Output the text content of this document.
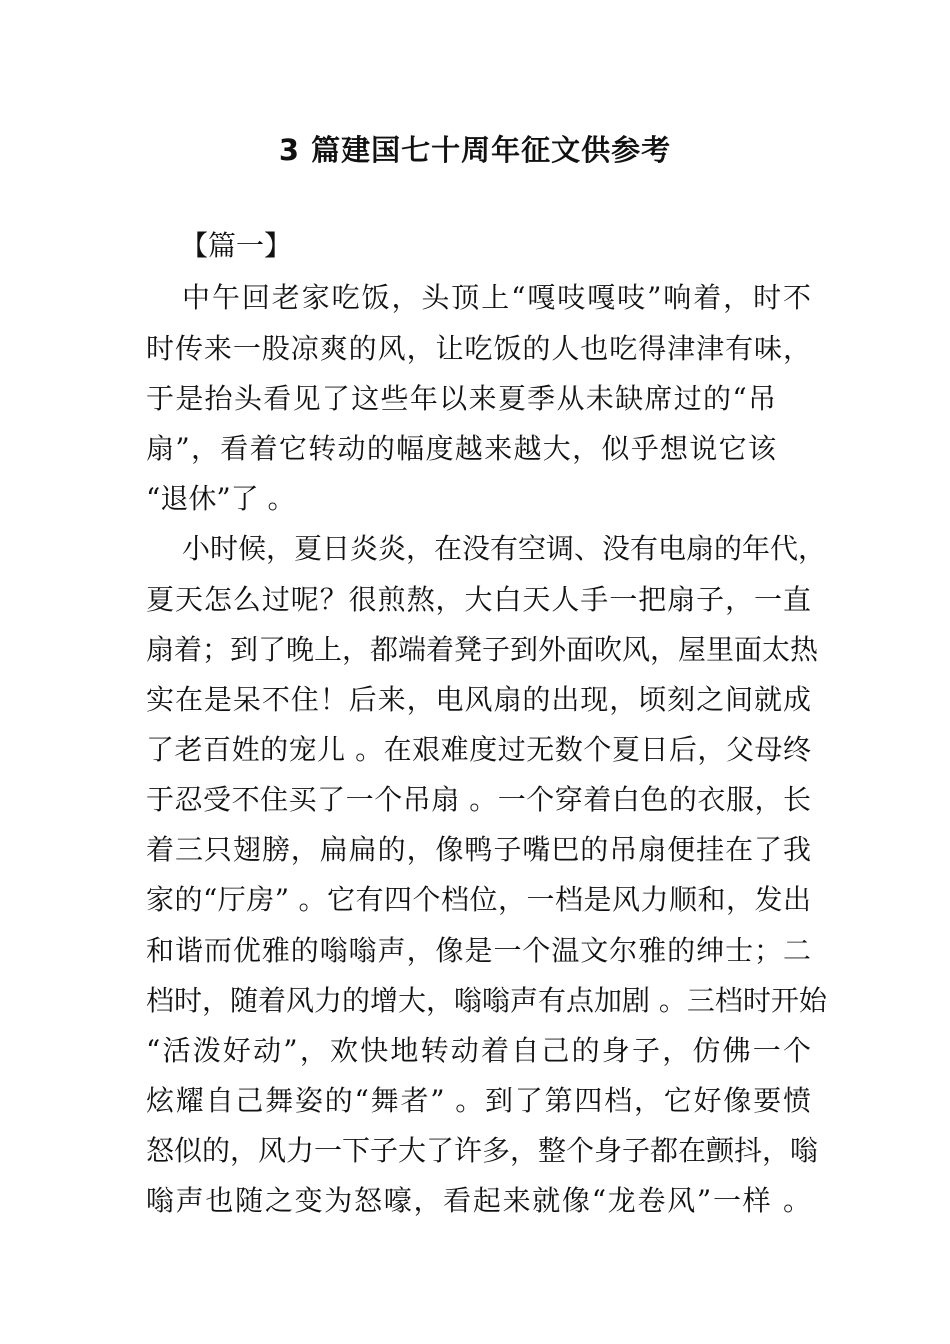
3 篇建国七十周年征文供参考
【篇一】
中午回老家吃饭，头顶上“嘎吱嘎吱”响着，时不
时传来一股凉爽的风，让吃饭的人也吃得津津有味，
于是抬头看见了这些年以来夏季从未缺席过的“吊
扇”，看着它转动的幅度越来越大，似乎想说它该
“退休”了 。
小时候，夏日炎炎，在没有空调、没有电扇的年代，
夏天怎么过呢？很煎熬，大白天人手一把扇子，一直
扇着；到了晚上，都端着凳子到外面吹风，屋里面太热
实在是呆不住！后来，电风扇的出现，顷刻之间就成
了老百姓的宠儿 。在艰难度过无数个夏日后，父母终
于忍受不住买了一个吊扇 。一个穿着白色的衣服，长
着三只翅膀，扁扁的，像鸭子嘴巴的吊扇便挂在了我
家的“厅房” 。它有四个档位，一档是风力顺和，发出
和谐而优雅的嗡嗡声，像是一个温文尔雅的绅士；二
档时，随着风力的增大，嗡嗡声有点加剧 。三档时开始
“活泼好动”，欢快地转动着自己的身子，仿佛一个
炫耀自己舞姿的“舞者” 。到了第四档，它好像要愤
怒似的，风力一下子大了许多，整个身子都在颤抖，嗡
嗡声也随之变为怒嚎，看起来就像“龙卷风”一样 。
